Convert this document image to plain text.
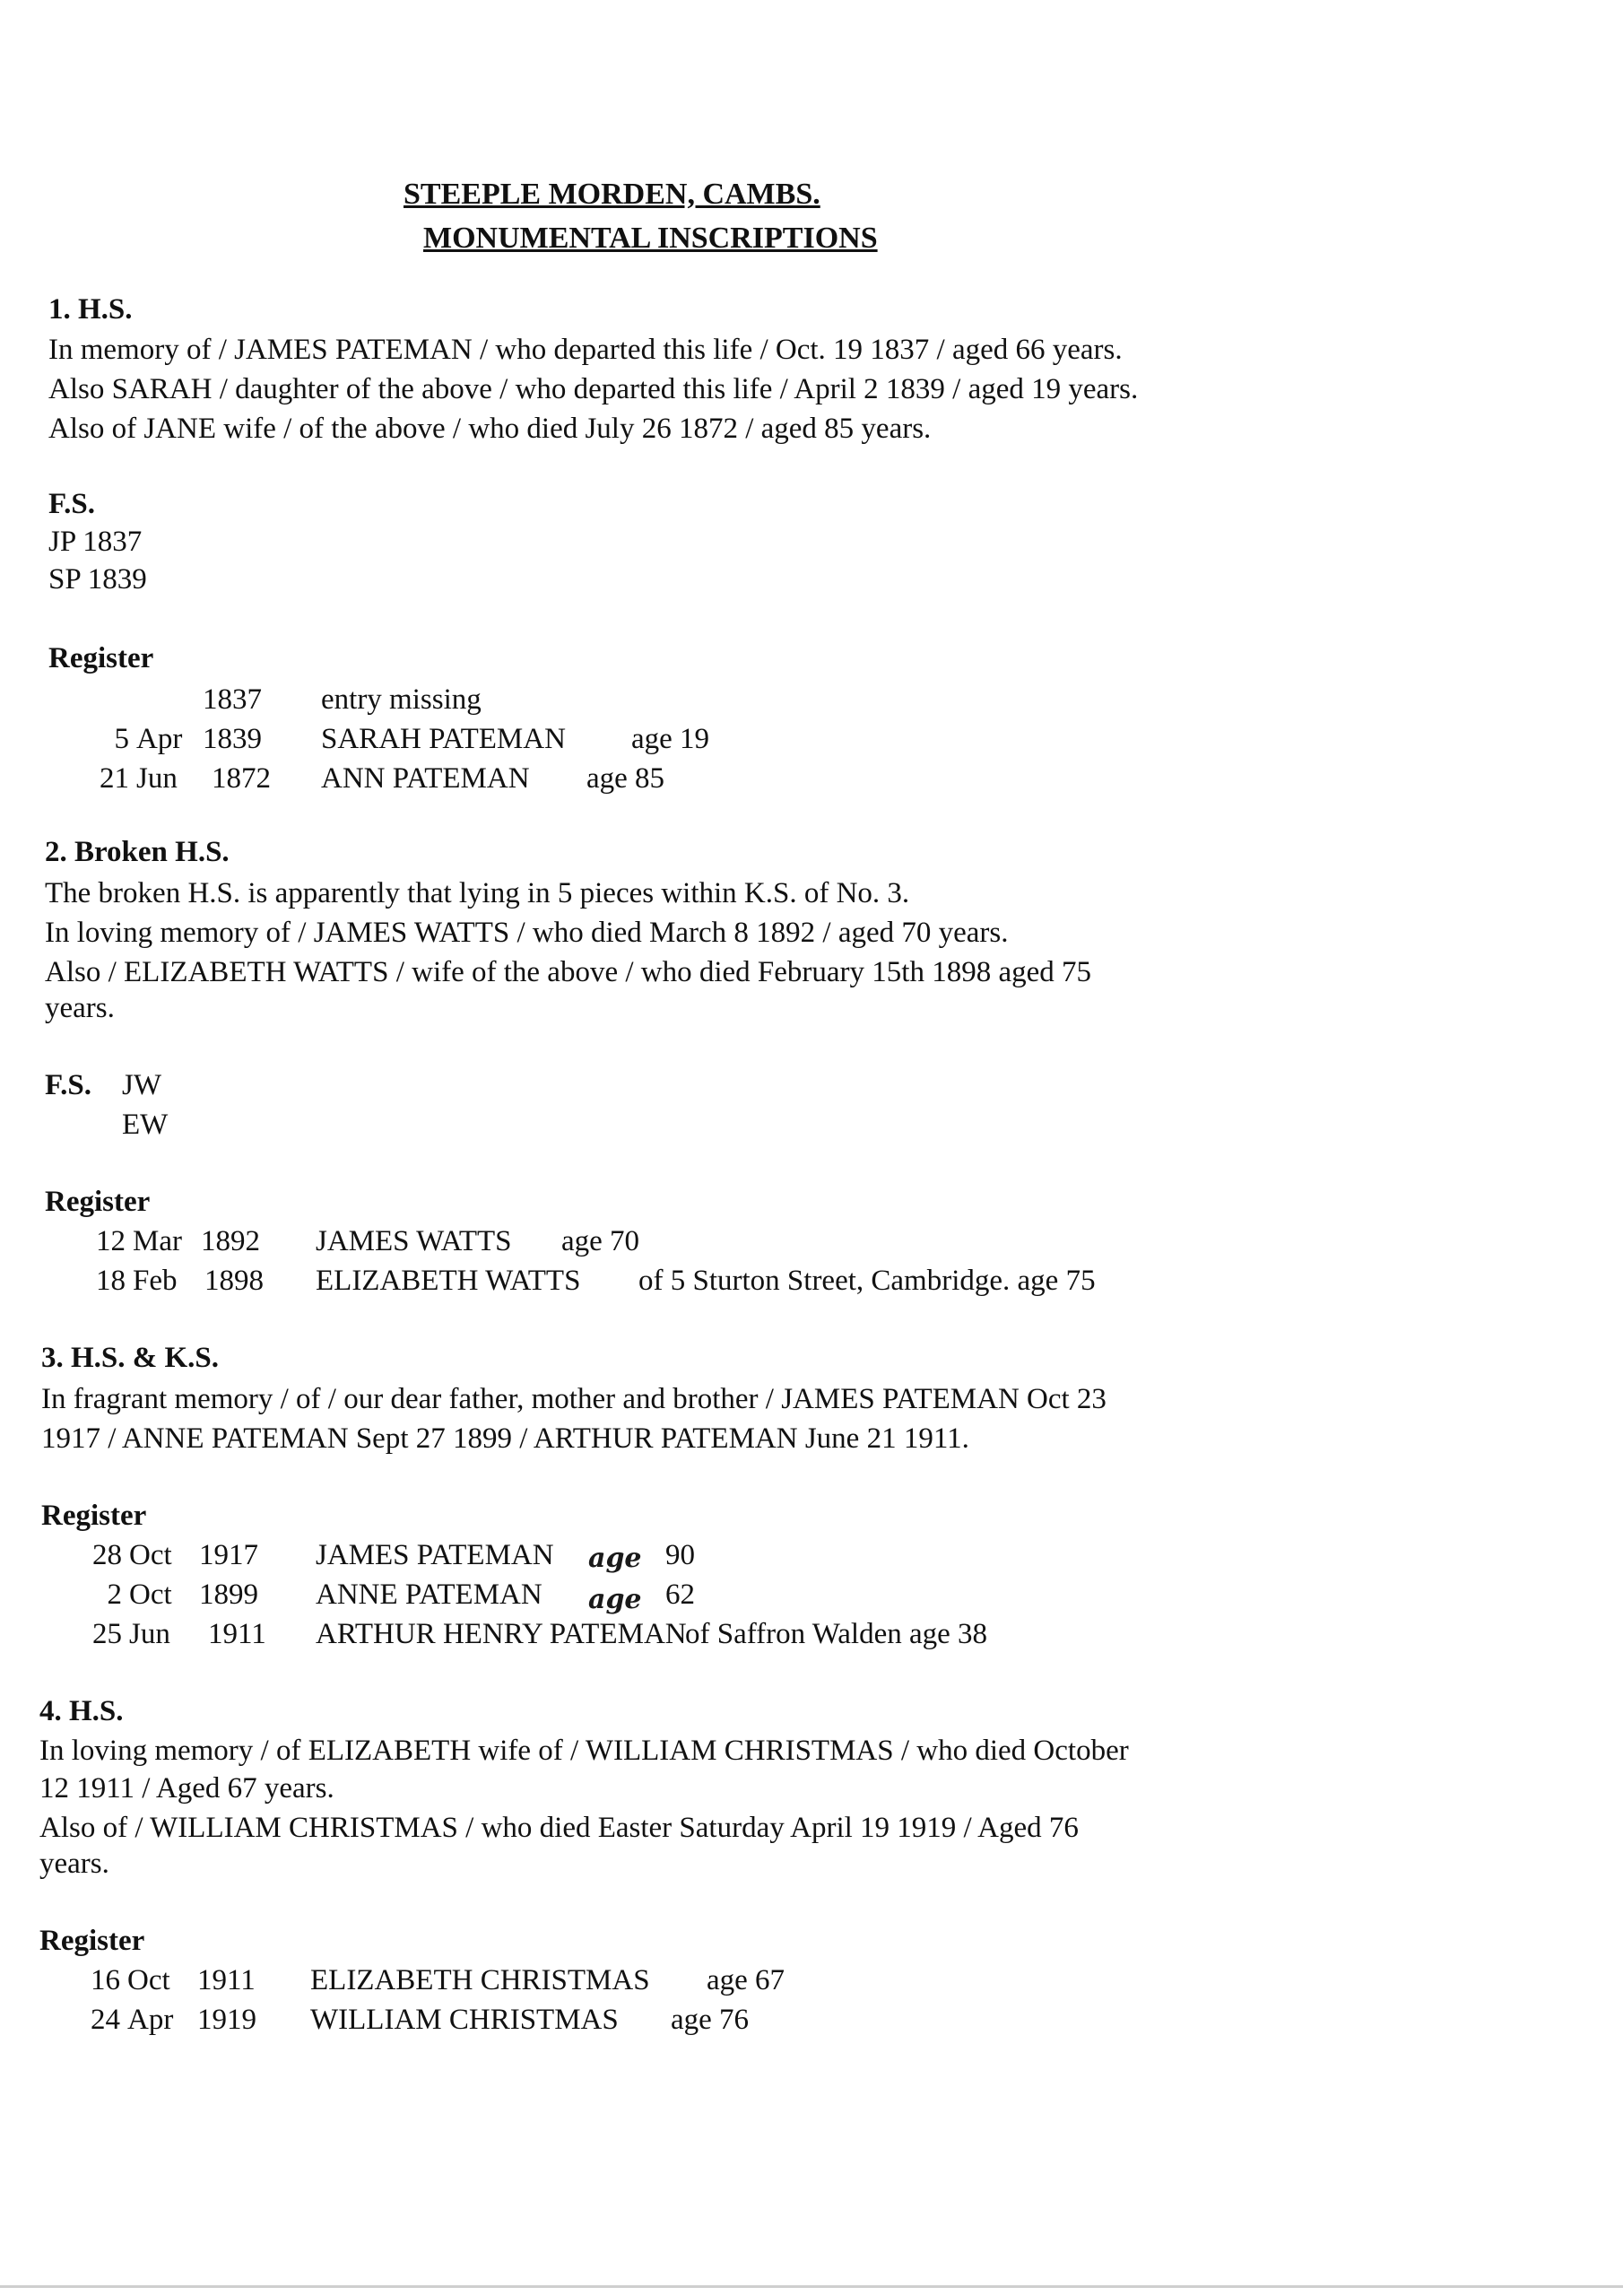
STEEPLE MORDEN, CAMBS.
MONUMENTAL INSCRIPTIONS
1. H.S.
In memory of / JAMES PATEMAN / who departed this life / Oct. 19 1837 / aged 66 years.
Also SARAH / daughter of the above / who departed this life / April 2 1839 / aged 19 years.
Also of JANE wife / of the above / who died July 26 1872 / aged 85 years.
F.S.
JP 1837
SP 1839
Register
1837 entry missing
5 Apr 1839 SARAH PATEMAN age 19
21 Jun 1872 ANN PATEMAN age 85
2. Broken H.S.
The broken H.S. is apparently that lying in 5 pieces within K.S. of No. 3.
In loving memory of / JAMES WATTS / who died March 8 1892 / aged 70 years.
Also / ELIZABETH WATTS / wife of the above / who died February 15th 1898 aged 75
years.
F.S. JW
EW
Register
12 Mar 1892 JAMES WATTS age 70
18 Feb 1898 ELIZABETH WATTS of 5 Sturton Street, Cambridge. age 75
3. H.S. & K.S.
In fragrant memory / of / our dear father, mother and brother / JAMES PATEMAN Oct 23
1917 / ANNE PATEMAN Sept 27 1899 / ARTHUR PATEMAN June 21 1911.
Register
28 Oct 1917 JAMES PATEMAN age 90
2 Oct 1899 ANNE PATEMAN age 62
25 Jun 1911 ARTHUR HENRY PATEMAN
of Saffron Walden age 38
4. H.S.
In loving memory / of ELIZABETH wife of / WILLIAM CHRISTMAS / who died October
12 1911 / Aged 67 years.
Also of / WILLIAM CHRISTMAS / who died Easter Saturday April 19 1919 / Aged 76
years.
Register
16 Oct 1911 ELIZABETH CHRISTMAS age 67
24 Apr 1919 WILLIAM CHRISTMAS age 76
